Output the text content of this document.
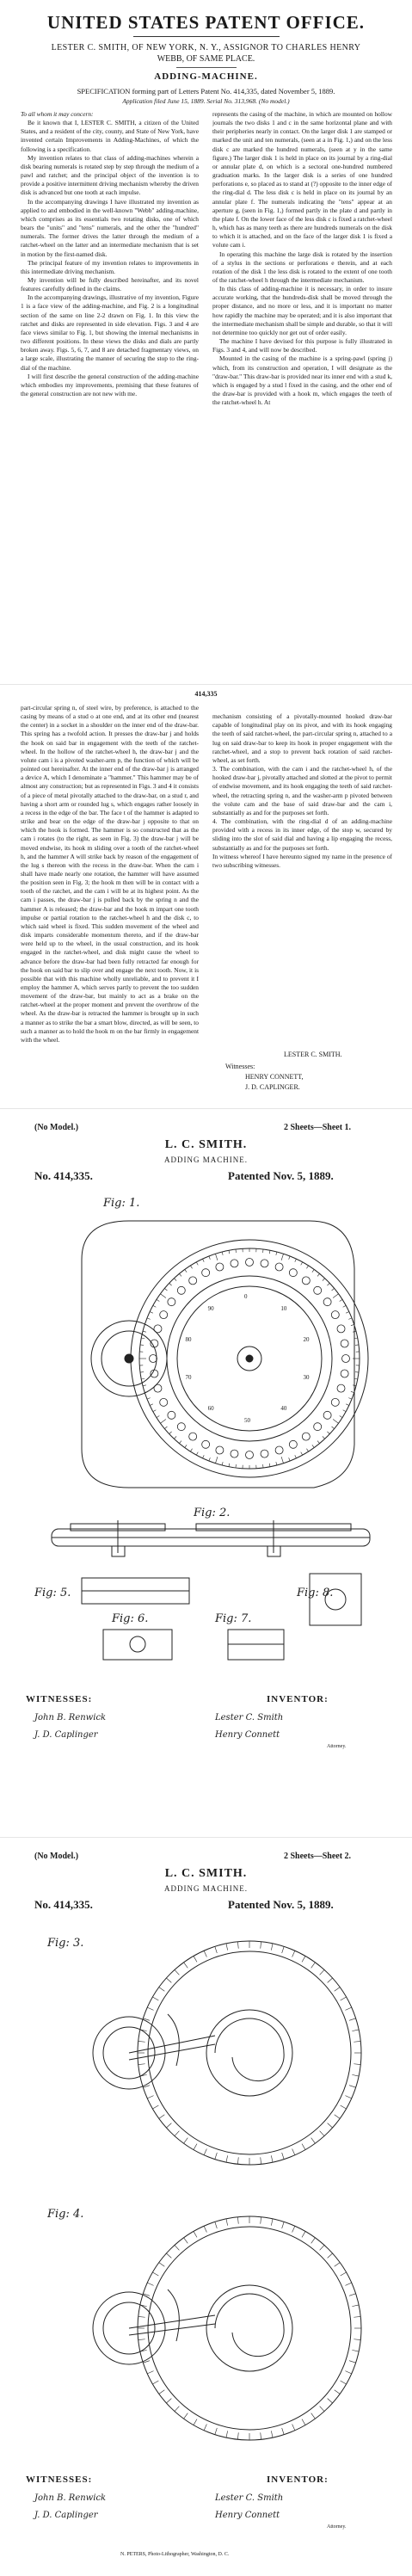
UNITED STATES PATENT OFFICE.
LESTER C. SMITH, OF NEW YORK, N. Y., ASSIGNOR TO CHARLES HENRY
WEBB, OF SAME PLACE.
ADDING-MACHINE.
SPECIFICATION forming part of Letters Patent No. 414,335, dated November 5, 1889.
Application filed June 15, 1889. Serial No. 313,968. (No model.)

To all whom it may concern:

Be it known that I, LESTER C. SMITH, a citizen of the United States, and a resident of the city, county, and State of New York, have invented certain Improvements in Adding-Machines, of which the following is a specification.

My invention relates to that class of adding-machines wherein a disk bearing numerals is rotated step by step through the medium of a pawl and ratchet; and the principal object of the invention is to provide a positive intermittent driving mechanism whereby the driven disk is advanced but one tooth at each impulse.

In the accompanying drawings I have illustrated my invention as applied to and embodied in the well-known "Webb" adding-machine, which comprises as its essentials two rotating disks, one of which bears the "units" and "tens" numerals, and the other the "hundred" numerals. The former drives the latter through the medium of a ratchet-wheel on the latter and an intermediate mechanism that is set in motion by the first-named disk.

The principal feature of my invention relates to improvements in this intermediate driving mechanism.

My invention will be fully described hereinafter, and its novel features carefully defined in the claims.

In the accompanying drawings, illustrative of my invention, Figure 1 is a face view of the adding-machine, and Fig. 2 is a longitudinal section of the same on line 2-2 drawn on Fig. 1. In this view the ratchet and disks are represented in side elevation. Figs. 3 and 4 are face views similar to Fig. 1, but showing the internal mechanisms in two different positions. In these views the disks and dials are partly broken away. Figs. 5, 6, 7, and 8 are detached fragmentary views, on a large scale, illustrating the manner of securing the stop to the ring-dial of the machine.

I will first describe the general construction of the adding-machine which embodies my improvements, premising that these features of the general construction are not new with me.

represents the casing of the machine, in which are mounted on hollow journals the two disks 1 and c in the same horizontal plane and with their peripheries nearly in contact. On the larger disk 1 are stamped or marked the unit and ten numerals, (seen at a in Fig. 1,) and on the less disk c are marked the hundred numerals, (seen at y in the same figure.) The larger disk 1 is held in place on its journal by a ring-dial or annular plate d, on which is a sectoral one-hundred numbered graduation marks. In the larger disk is a series of one hundred perforations e, so placed as to stand at (?) opposite to the inner edge of the ring-dial d. The less disk c is held in place on its journal by an annular plate f. The numerals indicating the "tens" appear at an aperture g, (seen in Fig. 1,) formed partly in the plate d and partly in the plate f. On the lower face of the less disk c is fixed a ratchet-wheel h, which has as many teeth as there are hundreds numerals on the disk to which it is attached, and on the face of the larger disk 1 is fixed a volute cam i.

In operating this machine the large disk is rotated by the insertion of a stylus in the sections or perforations e therein, and at each rotation of the disk 1 the less disk is rotated to the extent of one tooth of the ratchet-wheel h through the intermediate mechanism.

In this class of adding-machine it is necessary, in order to insure accurate working, that the hundreds-disk shall be moved through the proper distance, and no more or less, and it is important no matter how rapidly the machine may be operated; and it is also important that the intermediate mechanism shall be simple and durable, so that it will not determine too quickly nor get out of order easily.

The machine I have devised for this purpose is fully illustrated in Figs. 3 and 4, and will now be described.

Mounted in the casing of the machine is a spring-pawl (spring j) which, from its construction and operation, I will designate as the "draw-bar." This draw-bar is provided near its inner end with a stud k, which is engaged by a stud l fixed in the casing, and the other end of the draw-bar is provided with a hook m, which engages the teeth of the ratchet-wheel h. At

414,335

part-circular spring n, of steel wire, by preference, is attached to the casing by means of a stud o at one end, and at its other end (nearest the center) in a socket in a shoulder on the inner end of the draw-bar. This spring has a twofold action. It presses the draw-bar j and holds the hook on said bar in engagement with the teeth of the ratchet-wheel. In the hollow of the ratchet-wheel h, the draw-bar j and the volute cam i is a pivoted washer-arm p, the function of which will be pointed out hereinafter. At the inner end of the draw-bar j is arranged a device A, which I denominate a "hammer." This hammer may be of almost any construction; but as represented in Figs. 3 and 4 it consists of a piece of metal pivotally attached to the draw-bar, on a stud r, and having a short arm or rounded lug s, which engages rather loosely in a recess in the edge of the bar. The face t of the hammer is adapted to strike and bear on the edge of the draw-bar j opposite to that on which the hook is formed. The hammer is so constructed that as the cam i rotates (to the right, as seen in Fig. 3) the draw-bar j will be moved endwise, its hook m sliding over a tooth of the ratchet-wheel h, and the hammer A will strike back by reason of the engagement of the lug s thereon with the recess in the draw-bar. When the cam i shall have made nearly one rotation, the hammer will have assumed the position seen in Fig. 3; the hook m then will be in contact with a tooth of the ratchet, and the cam i will be at its highest point. As the cam i passes, the draw-bar j is pulled back by the spring n and the hammer A is released; the draw-bar and the hook m impart one tooth impulse or partial rotation to the ratchet-wheel h and the disk c, to which said wheel is fixed. This sudden movement of the wheel and disk imparts considerable momentum thereto, and if the draw-bar were held up to the wheel, in the usual construction, and its hook engaged in the ratchet-wheel, and disk might cause the wheel to advance before the draw-bar had been fully retracted far enough for the hook on said bar to slip over and engage the next tooth. Now, it is possible that with this machine wholly unreliable, and to prevent it I employ the hammer A, which serves partly to prevent the too sudden movement of the draw-bar, but mainly to act as a brake on the ratchet-wheel at the proper moment and prevent the overthrow of the wheel. As the draw-bar is retracted the hammer is brought up in such a manner as to strike the bar a smart blow, directed, as will be seen, to such a manner as to hold the hook m on the bar firmly in engagement with the wheel.

mechanism consisting of a pivotally-mounted hooked draw-bar capable of longitudinal play on its pivot, and with its hook engaging the teeth of said ratchet-wheel, the part-circular spring n, attached to a lug on said draw-bar to keep its hook in proper engagement with the ratchet-wheel, and a stop to prevent back rotation of said ratchet-wheel, as set forth.
3. The combination, with the cam i and the ratchet-wheel h, of the hooked draw-bar j, pivotally attached and slotted at the pivot to permit of endwise movement, and its hook engaging the teeth of said ratchet-wheel, the retracting spring n, and the washer-arm p pivoted between the volute cam and the base of said draw-bar and the cam i, substantially as and for the purposes set forth.
4. The combination, with the ring-dial d of an adding-machine provided with a recess in its inner edge, of the stop w, secured by sliding into the slot of said dial and having a lip engaging the recess, substantially as and for the purposes set forth.
In witness whereof I have hereunto signed my name in the presence of two subscribing witnesses.

LESTER C. SMITH.
Witnesses:
HENRY CONNETT,
J. D. CAPLINGER.
(No Model.)	2 Sheets—Sheet 1.
L. C. SMITH.
ADDING MACHINE.
No. 414,335.	Patented Nov. 5, 1889.
Fig: 1.
0
10
20
30
40
50
60
70
80
90
Fig: 2.
Fig: 5.
Fig: 6.	Fig: 7.
Fig: 8.
WITNESSES:
John B. Renwick
J. D. Caplinger
INVENTOR:
Lester C. Smith
Henry Connett
Attorney.
(No Model.)	2 Sheets—Sheet 2.
L. C. SMITH.
ADDING MACHINE.
No. 414,335.	Patented Nov. 5, 1889.
Fig: 3.
Fig: 4.
WITNESSES:
John B. Renwick
J. D. Caplinger
INVENTOR:
Lester C. Smith
Henry Connett
Attorney.
N. PETERS, Photo-Lithographer, Washington, D. C.
